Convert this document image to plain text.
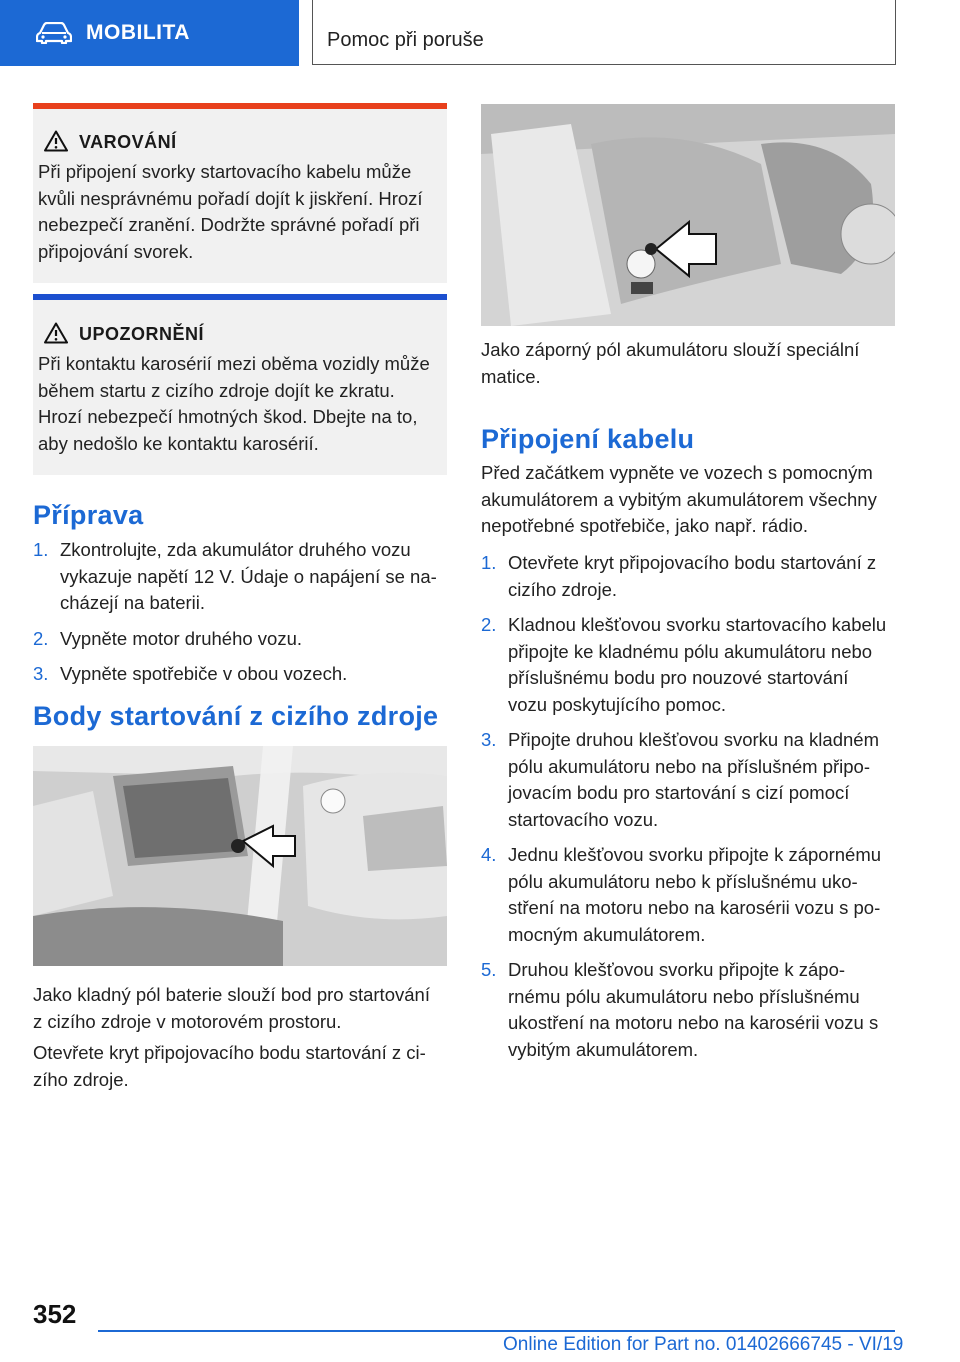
MOBILITA	Pomoc při poruše
VAROVÁNÍ
Při připojení svorky startovacího kabelu může
kvůli nesprávnému pořadí dojít k jiskření. Hrozí
nebezpečí zranění. Dodržte správné pořadí při
připojování svorek.
UPOZORNĚNÍ
Při kontaktu karosérií mezi oběma vozidly může
během startu z cizího zdroje dojít ke zkratu.
Hrozí nebezpečí hmotných škod. Dbejte na to,
aby nedošlo ke kontaktu karosérií.
Příprava
1. Zkontrolujte, zda akumulátor druhého vozu
vykazuje napětí 12 V. Údaje o napájení se na‐
cházejí na baterii.
2. Vypněte motor druhého vozu.
3. Vypněte spotřebiče v obou vozech.
Body startování z cizího zdroje
Jako kladný pól baterie slouží bod pro startování
z cizího zdroje v motorovém prostoru.
Otevřete kryt připojovacího bodu startování z ci‐
zího zdroje.
Jako záporný pól akumulátoru slouží speciální
matice.
Připojení kabelu
Před začátkem vypněte ve vozech s pomocným
akumulátorem a vybitým akumulátorem všechny
nepotřebné spotřebiče, jako např. rádio.
1. Otevřete kryt připojovacího bodu startování z
cizího zdroje.
2. Kladnou klešťovou svorku startovacího kabelu
připojte ke kladnému pólu akumulátoru nebo
příslušnému bodu pro nouzové startování
vozu poskytujícího pomoc.
3. Připojte druhou klešťovou svorku na kladném
pólu akumulátoru nebo na příslušném připo‐
jovacím bodu pro startování s cizí pomocí
startovacího vozu.
4. Jednu klešťovou svorku připojte k zápornému
pólu akumulátoru nebo k příslušnému uko‐
stření na motoru nebo na karosérii vozu s po‐
mocným akumulátorem.
5. Druhou klešťovou svorku připojte k zápo‐
rnému pólu akumulátoru nebo příslušnému
ukostření na motoru nebo na karosérii vozu s
vybitým akumulátorem.
352
Online Edition for Part no. 01402666745 - VI/19
